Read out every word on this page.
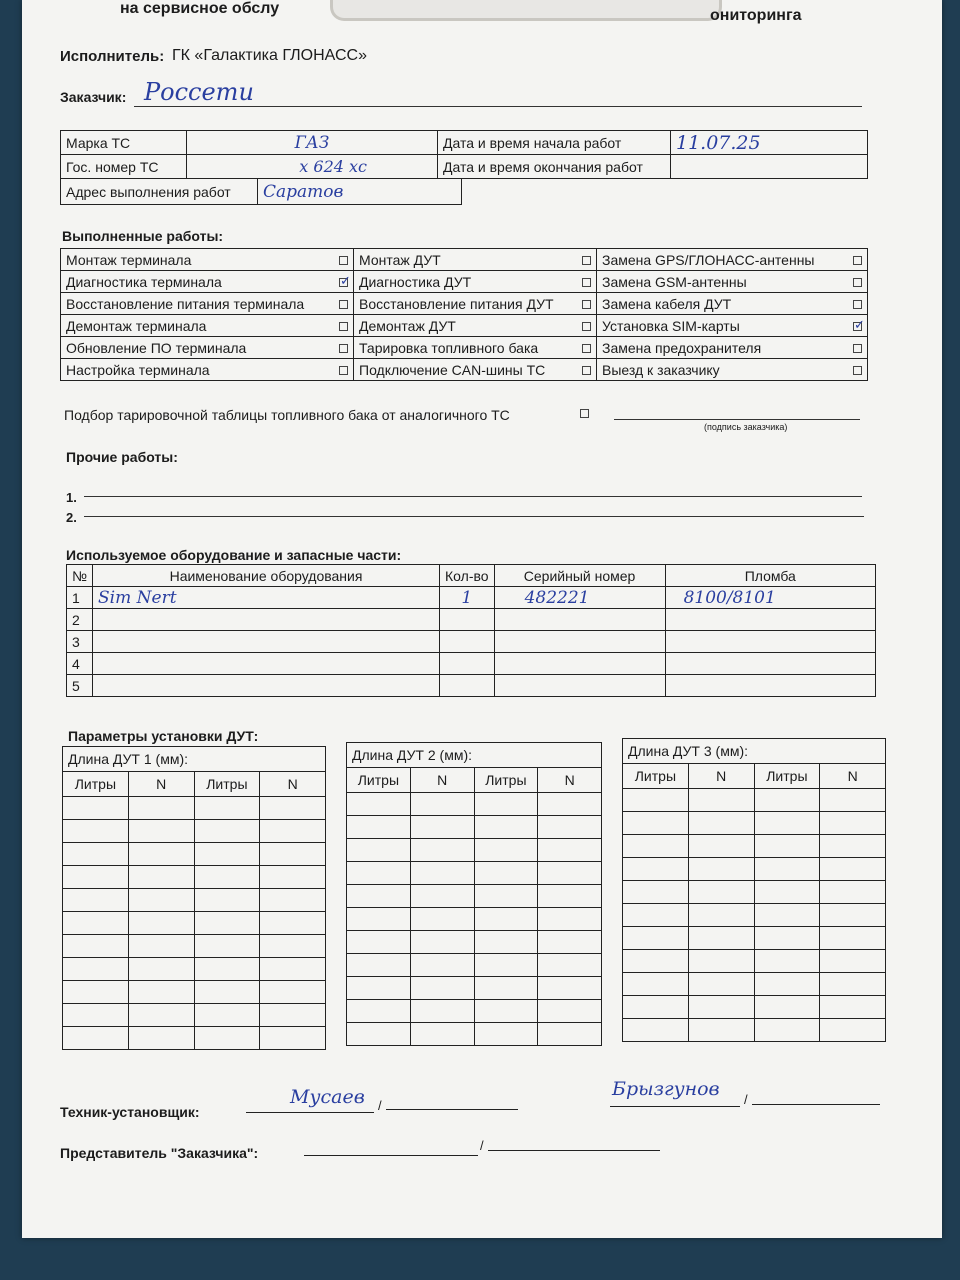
на сервисное обслу	ониторинга
Исполнитель: ГК «Галактика ГЛОНАСС»
Заказчик: Россети
Марка ТС	ГАЗ	Дата и время начала работ	11.07.25
Гос. номер ТС	х 624 хс	Дата и время окончания работ	
Адрес выполнения работ	Саратов
Выполненные работы:
Монтаж терминала	Монтаж ДУТ	Замена GPS/ГЛОНАСС-антенны

Диагностика терминала ✓	Диагностика ДУТ	Замена GSM-антенны

Восстановление питания терминала	Восстановление питания ДУТ	Замена кабеля ДУТ

Демонтаж терминала	Демонтаж ДУТ	Установка SIM-карты ✓

Обновление ПО терминала	Тарировка топливного бака	Замена предохранителя

Настройка терминала	Подключение CAN-шины ТС	Выезд к заказчику
Подбор тарировочной таблицы топливного бака от аналогичного ТС
(подпись заказчика)
Прочие работы:
1.
2.
Используемое оборудование и запасные части:
№	Наименование оборудования	Кол-во	Серийный номер	Пломба
1	Sim Nert	1	482221	8100/8101
2				
3				
4				
5				
Параметры установки ДУТ:
Длина ДУТ 1 (мм):			
Литры	N	Литры	N

Длина ДУТ 2 (мм):			
Литры	N	Литры	N

Длина ДУТ 3 (мм):			
Литры	N	Литры	N

Техник-установщик:
Мусаев /
Брызгунов /
Представитель "Заказчика":	/
